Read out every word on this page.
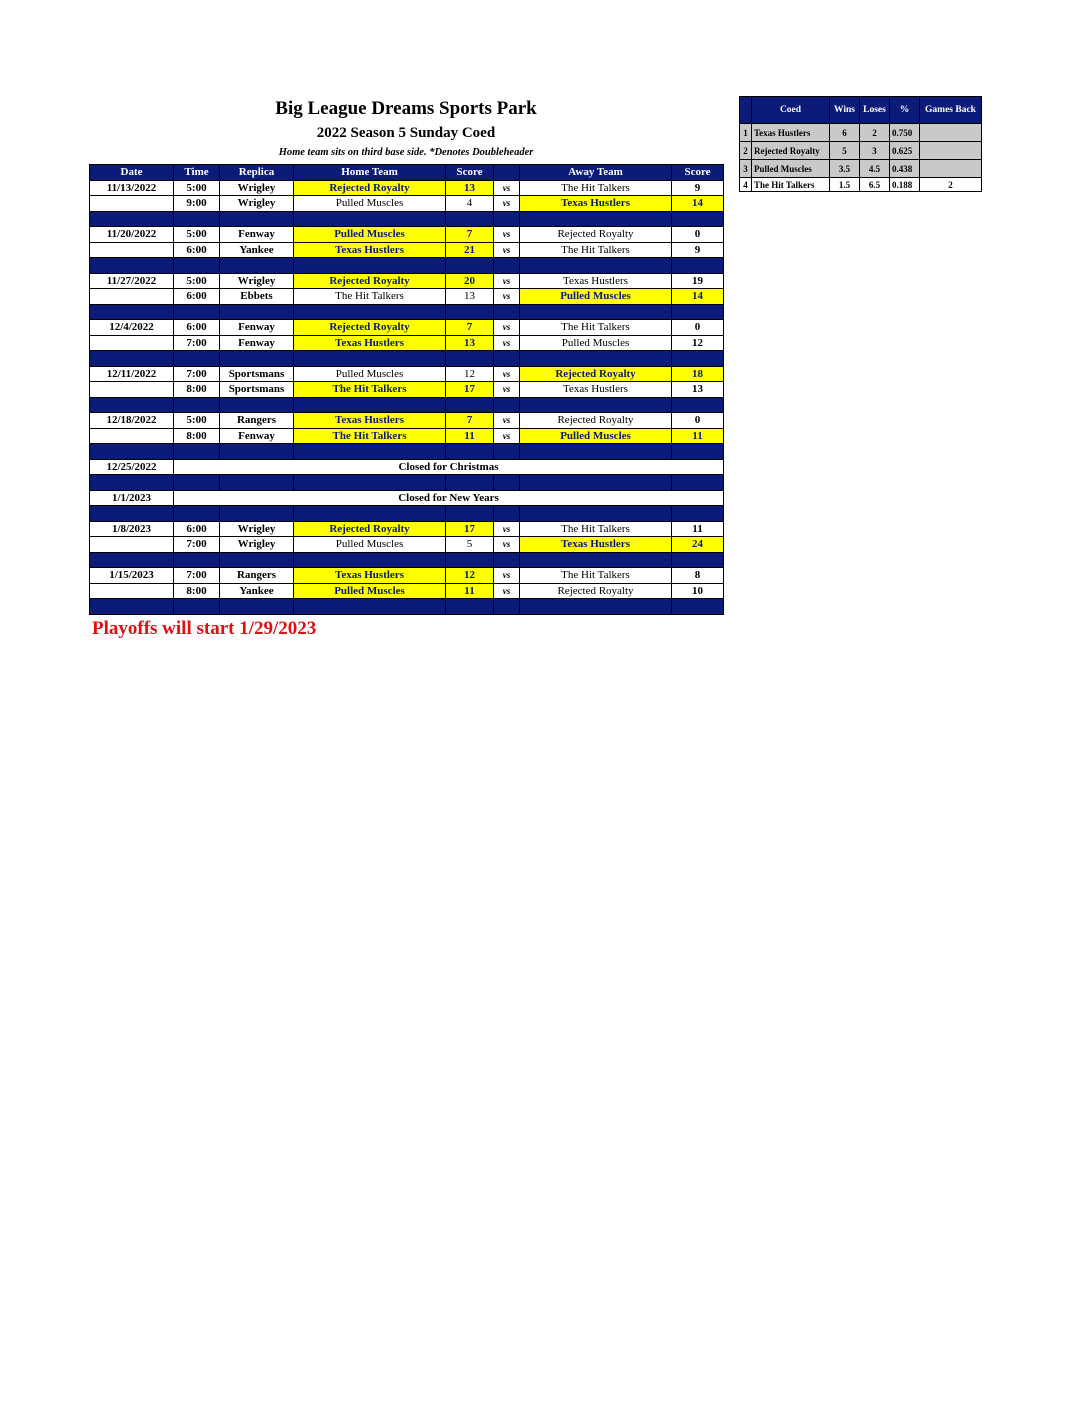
Big League Dreams Sports Park
2022 Season 5 Sunday Coed
Home team sits on third base side. *Denotes Doubleheader
Date	Time	Replica	Home Team	Score		Away Team	Score
11/13/2022	5:00	Wrigley	Rejected Royalty	13	vs	The Hit Talkers	9
	9:00	Wrigley	Pulled Muscles	4	vs	Texas Hustlers	14

11/20/2022	5:00	Fenway	Pulled Muscles	7	vs	Rejected Royalty	0
	6:00	Yankee	Texas Hustlers	21	vs	The Hit Talkers	9

11/27/2022	5:00	Wrigley	Rejected Royalty	20	vs	Texas Hustlers	19
	6:00	Ebbets	The Hit Talkers	13	vs	Pulled Muscles	14

12/4/2022	6:00	Fenway	Rejected Royalty	7	vs	The Hit Talkers	0
	7:00	Fenway	Texas Hustlers	13	vs	Pulled Muscles	12

12/11/2022	7:00	Sportsmans	Pulled Muscles	12	vs	Rejected Royalty	18
	8:00	Sportsmans	The Hit Talkers	17	vs	Texas Hustlers	13

12/18/2022	5:00	Rangers	Texas Hustlers	7	vs	Rejected Royalty	0
	8:00	Fenway	The Hit Talkers	11	vs	Pulled Muscles	11

12/25/2022	Closed for Christmas						

1/1/2023	Closed for New Years						

1/8/2023	6:00	Wrigley	Rejected Royalty	17	vs	The Hit Talkers	11
	7:00	Wrigley	Pulled Muscles	5	vs	Texas Hustlers	24

1/15/2023	7:00	Rangers	Texas Hustlers	12	vs	The Hit Talkers	8
	8:00	Yankee	Pulled Muscles	11	vs	Rejected Royalty	10

Playoffs will start 1/29/2023
	Coed	Wins	Loses	%	Games Back
1	Texas Hustlers	6	2	0.750	
2	Rejected Royalty	5	3	0.625	
3	Pulled Muscles	3.5	4.5	0.438	
4	The Hit Talkers	1.5	6.5	0.188	2
